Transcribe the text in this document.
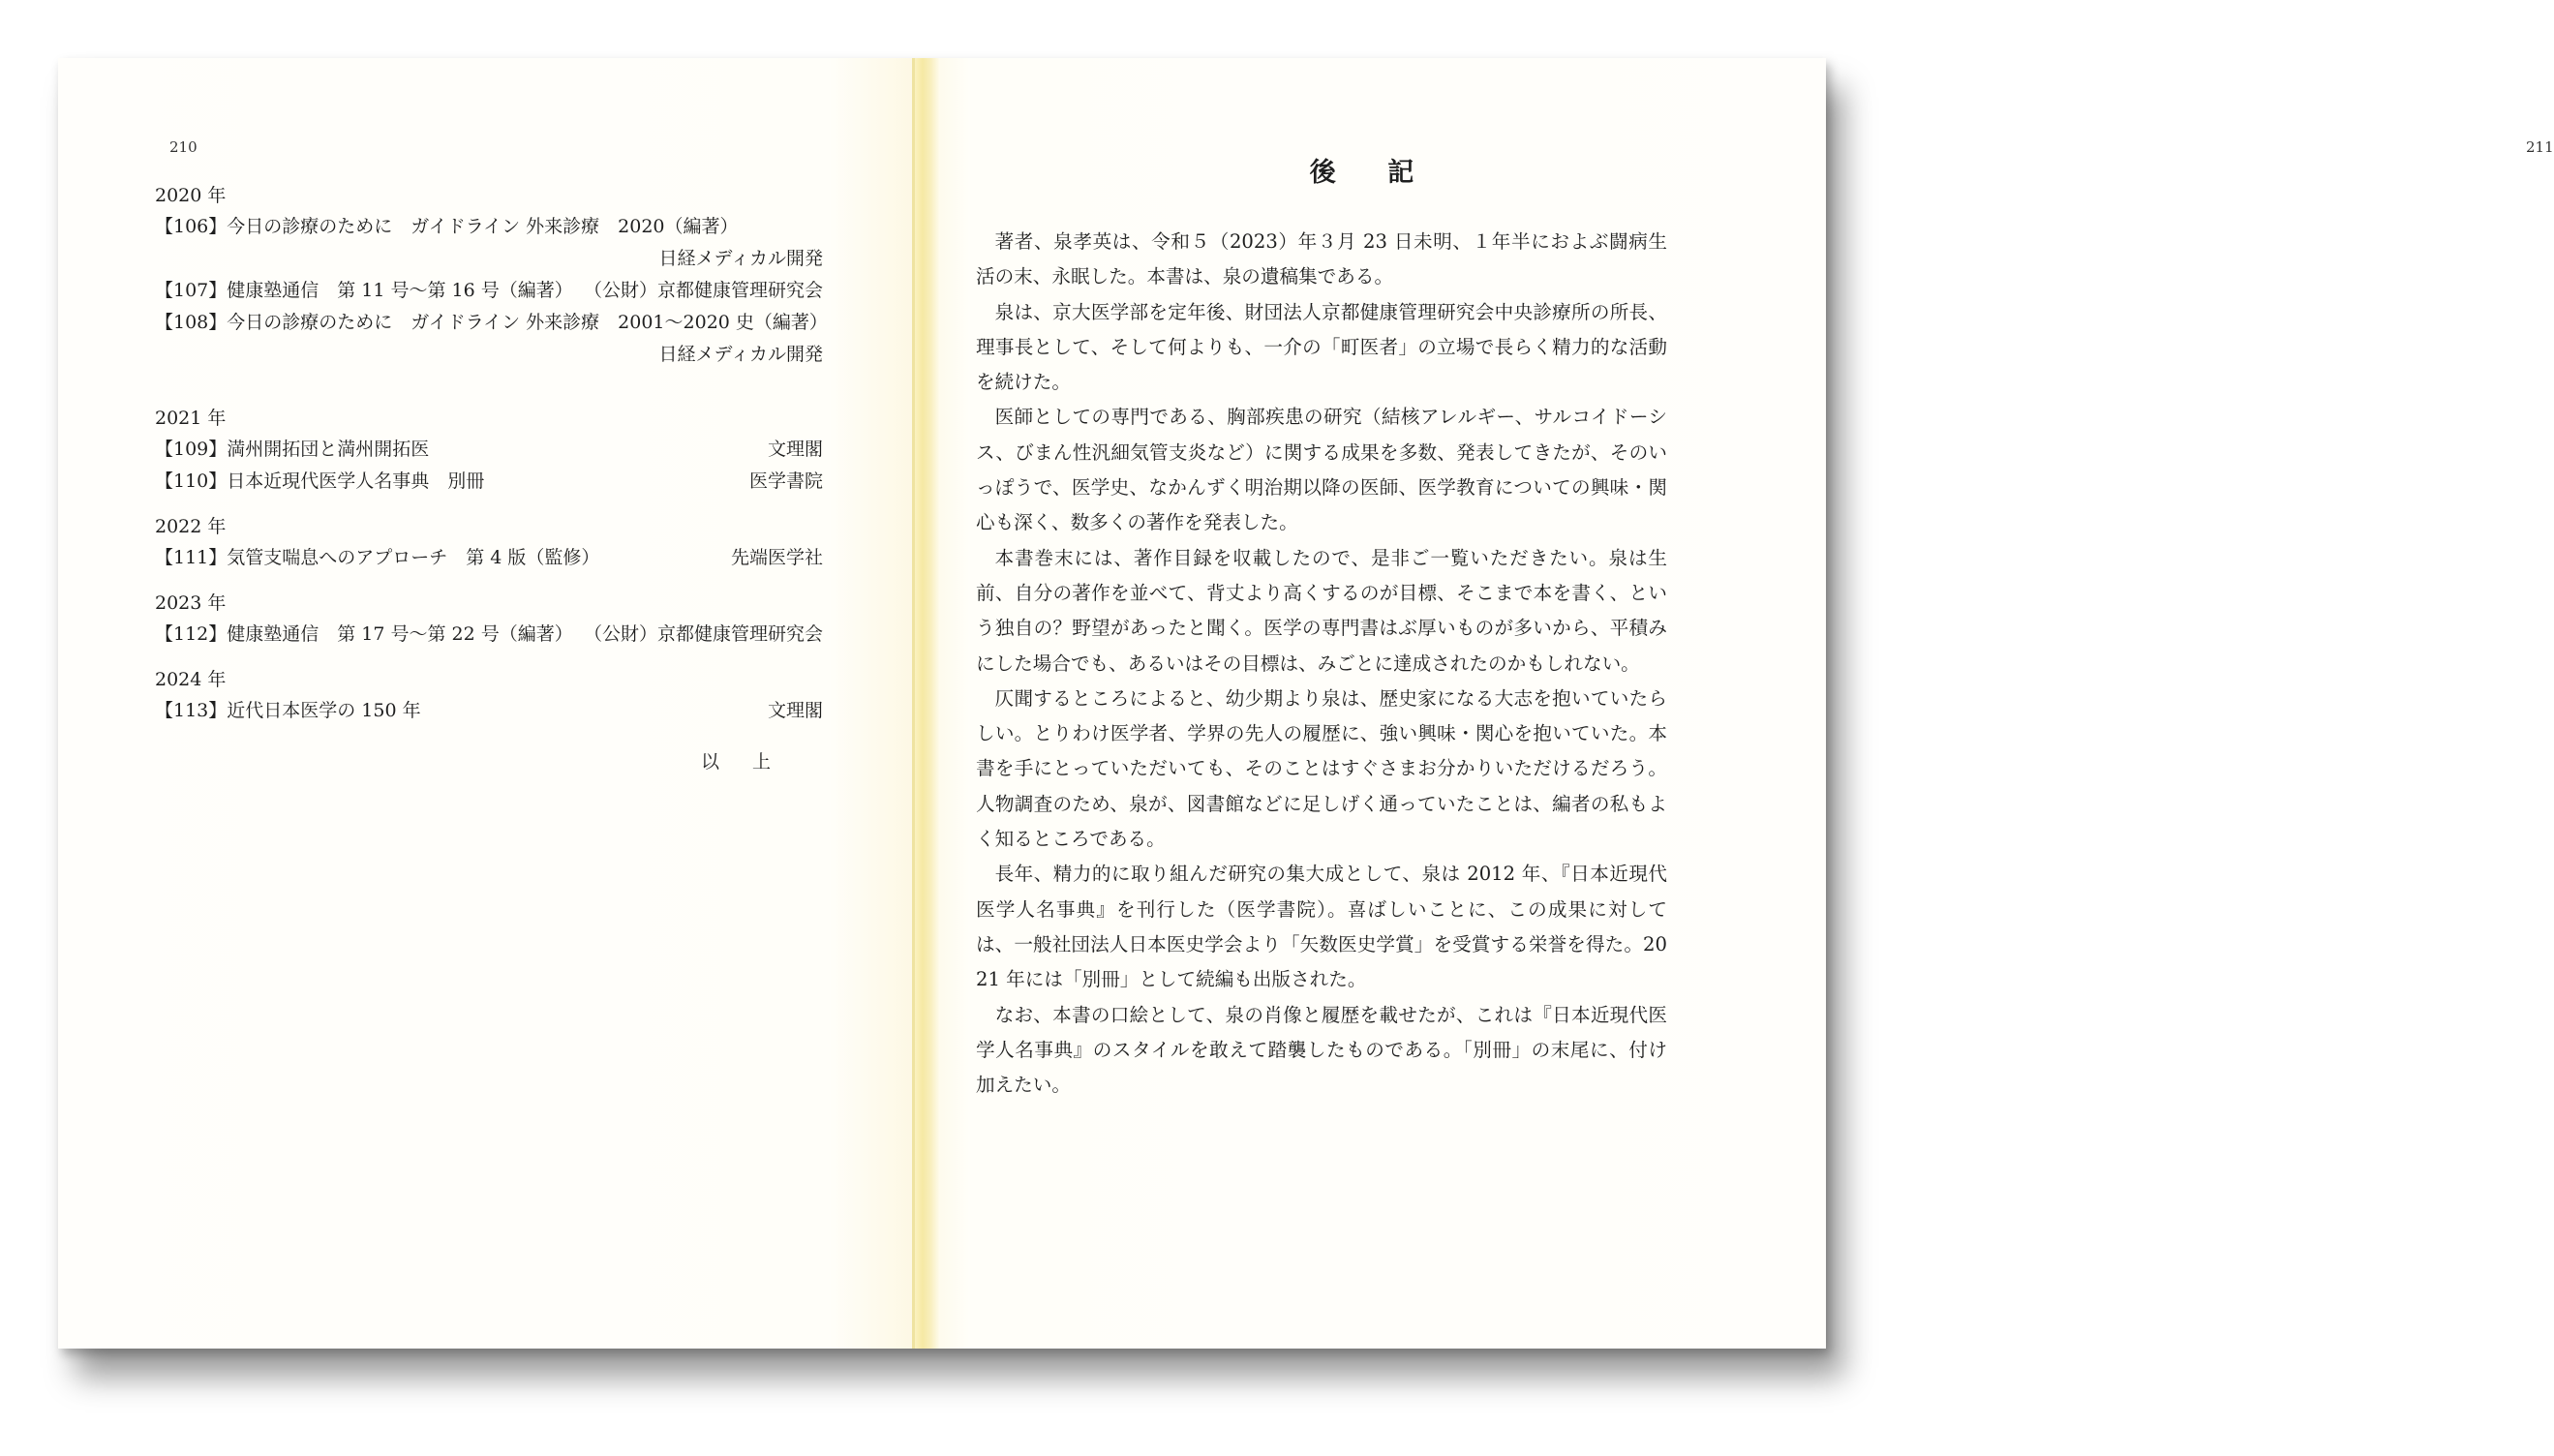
210
2020 年
【106】今日の診療のために　ガイドライン 外来診療　2020（編著）
日経メディカル開発
【107】健康塾通信　第 11 号～第 16 号（編著） （公財）京都健康管理研究会
【108】今日の診療のために　ガイドライン 外来診療　2001～2020 史（編著）
日経メディカル開発
2021 年
【109】満州開拓団と満州開拓医	文理閣
【110】日本近現代医学人名事典　別冊	医学書院
2022 年
【111】気管支喘息へのアプローチ　第 4 版（監修）	先端医学社
2023 年
【112】健康塾通信　第 17 号～第 22 号（編著） （公財）京都健康管理研究会
2024 年
【113】近代日本医学の 150 年	文理閣
以 上
211
後 記

著者、泉孝英は、令和５（2023）年３月 23 日未明、１年半におよぶ闘病生活の末、永眠した。本書は、泉の遺稿集である。

泉は、京大医学部を定年後、財団法人京都健康管理研究会中央診療所の所長、理事長として、そして何よりも、一介の「町医者」の立場で長らく精力的な活動を続けた。

医師としての専門である、胸部疾患の研究（結核アレルギー、サルコイドーシス、びまん性汎細気管支炎など）に関する成果を多数、発表してきたが、そのいっぽうで、医学史、なかんずく明治期以降の医師、医学教育についての興味・関心も深く、数多くの著作を発表した。

本書巻末には、著作目録を収載したので、是非ご一覧いただきたい。泉は生前、自分の著作を並べて、背丈より高くするのが目標、そこまで本を書く、という独自の？野望があったと聞く。医学の専門書はぶ厚いものが多いから、平積みにした場合でも、あるいはその目標は、みごとに達成されたのかもしれない。

仄聞するところによると、幼少期より泉は、歴史家になる大志を抱いていたらしい。とりわけ医学者、学界の先人の履歴に、強い興味・関心を抱いていた。本書を手にとっていただいても、そのことはすぐさまお分かりいただけるだろう。人物調査のため、泉が、図書館などに足しげく通っていたことは、編者の私もよく知るところである。

長年、精力的に取り組んだ研究の集大成として、泉は 2012 年、『日本近現代医学人名事典』を刊行した（医学書院）。喜ばしいことに、この成果に対しては、一般社団法人日本医史学会より「矢数医史学賞」を受賞する栄誉を得た。2021 年には「別冊」として続編も出版された。

なお、本書の口絵として、泉の肖像と履歴を載せたが、これは『日本近現代医学人名事典』のスタイルを敢えて踏襲したものである。「別冊」の末尾に、付け加えたい。
